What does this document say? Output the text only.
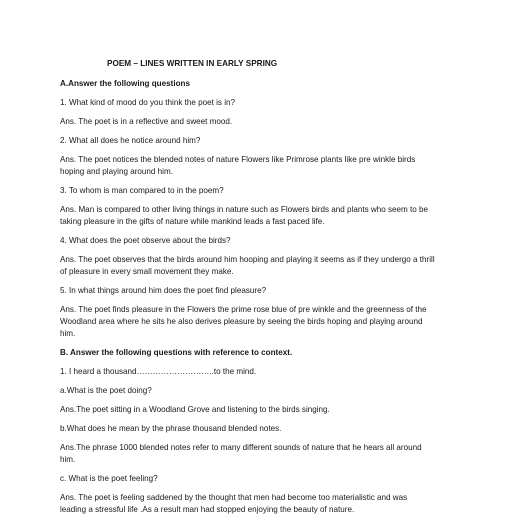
POEM – LINES WRITTEN IN EARLY SPRING
A.Answer the following questions
1. What kind of mood do you think the poet is in?
Ans. The poet is in a reflective and sweet mood.
2. What all does he notice around him?
Ans. The poet notices the blended notes of nature Flowers like Primrose plants like pre winkle birds
hoping and playing around him.
3. To whom is man compared to in the poem?
Ans. Man is compared to other living things in nature such as Flowers birds and plants who seem to be
taking pleasure in the gifts of nature while mankind leads a fast paced life.
4. What does the poet observe about the birds?
Ans. The poet observes that the birds around him hooping and playing it seems as if they undergo a thrill
of pleasure in every small movement they make.
5. In what things around him does the poet find pleasure?
Ans. The poet finds pleasure in the Flowers the prime rose blue of pre winkle and the greenness of the
Woodland area where he sits he also derives pleasure by seeing the birds hoping and playing around
him.
B. Answer the following questions with reference to context.
1. I heard a thousand………………………..to the mind.
a.What is the poet doing?
Ans.The poet sitting in a Woodland Grove and listening to the birds singing.
b.What does he mean by the phrase thousand blended notes.
Ans.The phrase 1000 blended notes refer to many different sounds of nature that he hears all around
him.
c. What is the poet feeling?
Ans. The poet is feeling saddened by the thought that men had become too materialistic and was
leading a stressful life .As a result man had stopped enjoying the beauty of nature.
